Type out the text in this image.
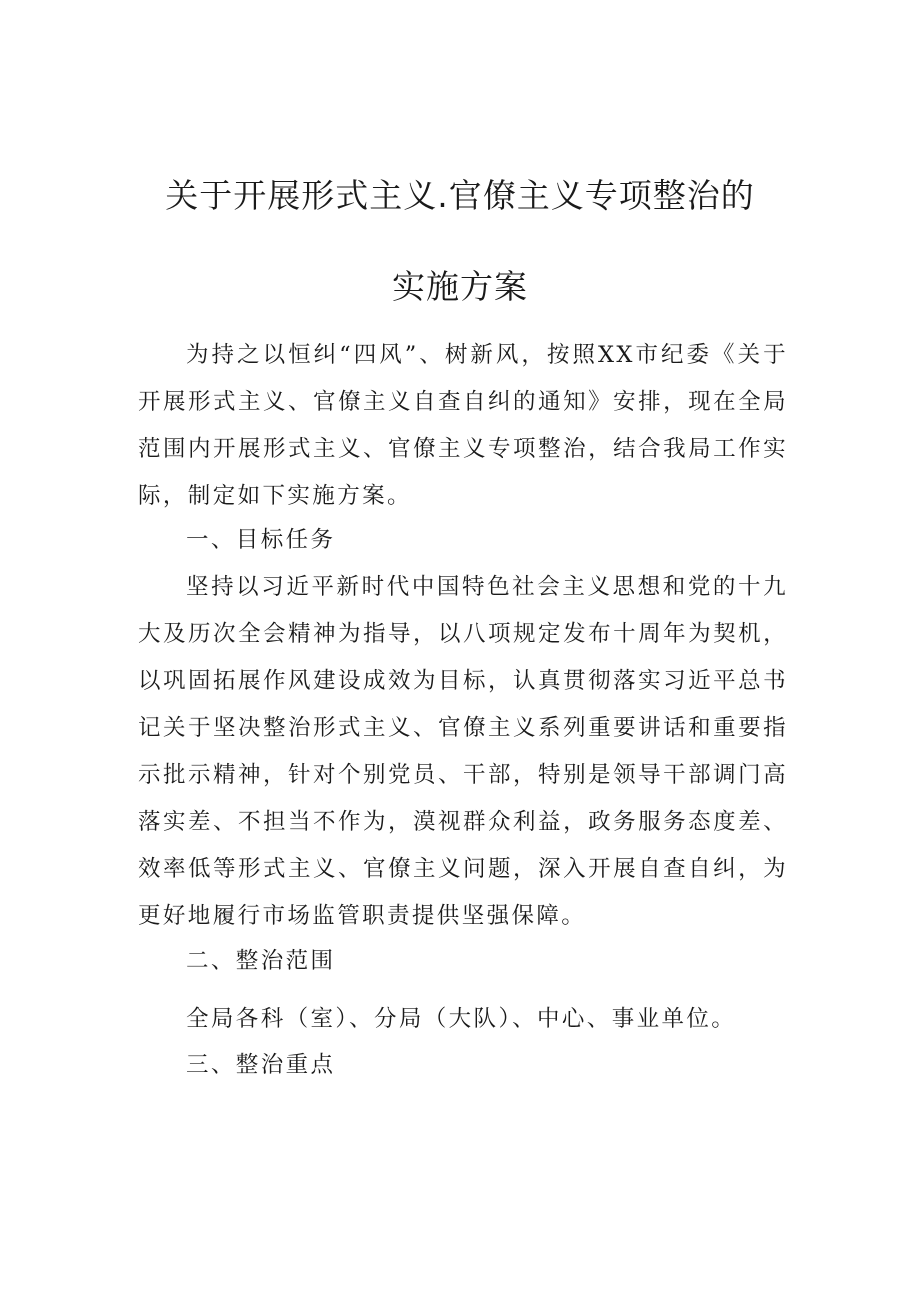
关于开展形式主义.官僚主义专项整治的
实施方案

为持之以恒纠“四风”、树新风，按照XX市纪委《关于开展形式主义、官僚主义自查自纠的通知》安排，现在全局范围内开展形式主义、官僚主义专项整治，结合我局工作实际，制定如下实施方案。

一、目标任务

坚持以习近平新时代中国特色社会主义思想和党的十九大及历次全会精神为指导，以八项规定发布十周年为契机，以巩固拓展作风建设成效为目标，认真贯彻落实习近平总书记关于坚决整治形式主义、官僚主义系列重要讲话和重要指示批示精神，针对个别党员、干部，特别是领导干部调门高落实差、不担当不作为，漠视群众利益，政务服务态度差、效率低等形式主义、官僚主义问题，深入开展自查自纠，为更好地履行市场监管职责提供坚强保障。

二、整治范围

全局各科（室）、分局（大队）、中心、事业单位。

三、整治重点
